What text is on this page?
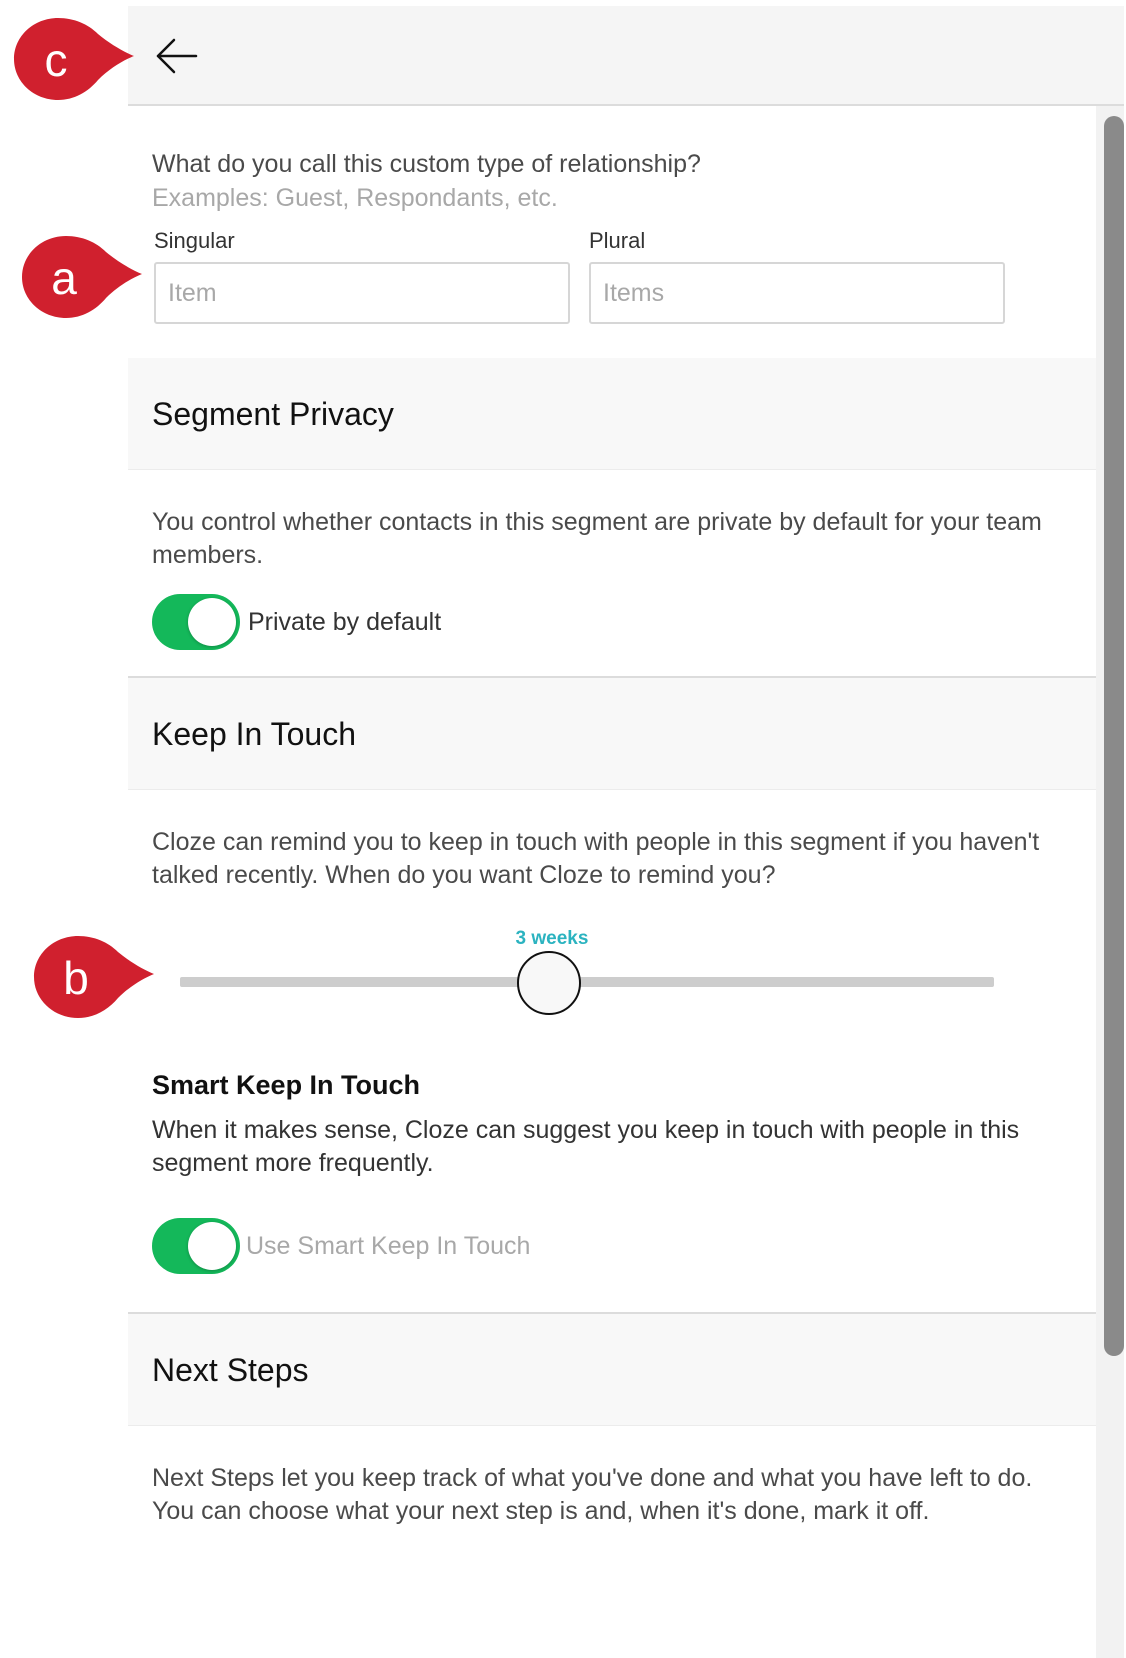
What do you call this custom type of relationship?
Examples: Guest, Respondants, etc.
Singular
Item	Plural
Items
Segment Privacy
You control whether contacts in this segment are private by default for your team members.
Private by default
Keep In Touch
Cloze can remind you to keep in touch with people in this segment if you haven't talked recently. When do you want Cloze to remind you?
3 weeks
Smart Keep In Touch
When it makes sense, Cloze can suggest you keep in touch with people in this segment more frequently.
Use Smart Keep In Touch
Next Steps
Next Steps let you keep track of what you've done and what you have left to do. You can choose what your next step is and, when it's done, mark it off.
c
a
b
